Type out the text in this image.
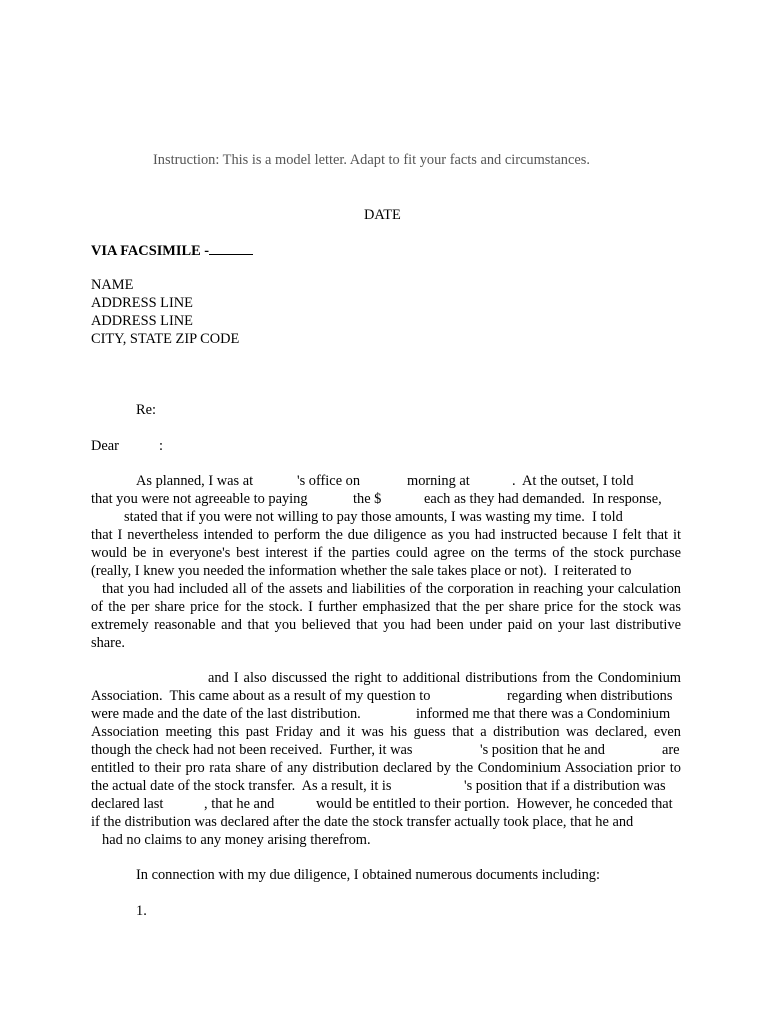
Instruction: This is a model letter. Adapt to fit your facts and circumstances.
DATE
VIA FACSIMILE -
NAME
ADDRESS LINE
ADDRESS LINE
CITY, STATE ZIP CODE
Re:
Dear	:
As planned, I was at	's office on	morning at	.  At the outset, I told
that you were not agreeable to paying	the $	each as they had demanded.  In response,
stated that if you were not willing to pay those amounts, I was wasting my time.  I told
that I nevertheless intended to perform the due diligence as you had instructed because I felt that it
would be in everyone's best interest if the parties could agree on the terms of the stock purchase
(really, I knew you needed the information whether the sale takes place or not).  I reiterated to
that you had included all of the assets and liabilities of the corporation in reaching your calculation
of the per share price for the stock. I further emphasized that the per share price for the stock was
extremely reasonable and that you believed that you had been under paid on your last distributive
share.
and I also discussed the right to additional distributions from the Condominium
Association.  This came about as a result of my question to	regarding when distributions
were made and the date of the last distribution.	informed me that there was a Condominium
Association meeting this past Friday and it was his guess that a distribution was declared, even
though the check had not been received.  Further, it was	's position that he and	are
entitled to their pro rata share of any distribution declared by the Condominium Association prior to
the actual date of the stock transfer.  As a result, it is	's position that if a distribution was
declared last	, that he and	would be entitled to their portion.  However, he conceded that
if the distribution was declared after the date the stock transfer actually took place, that he and
had no claims to any money arising therefrom.
In connection with my due diligence, I obtained numerous documents including:
1.
